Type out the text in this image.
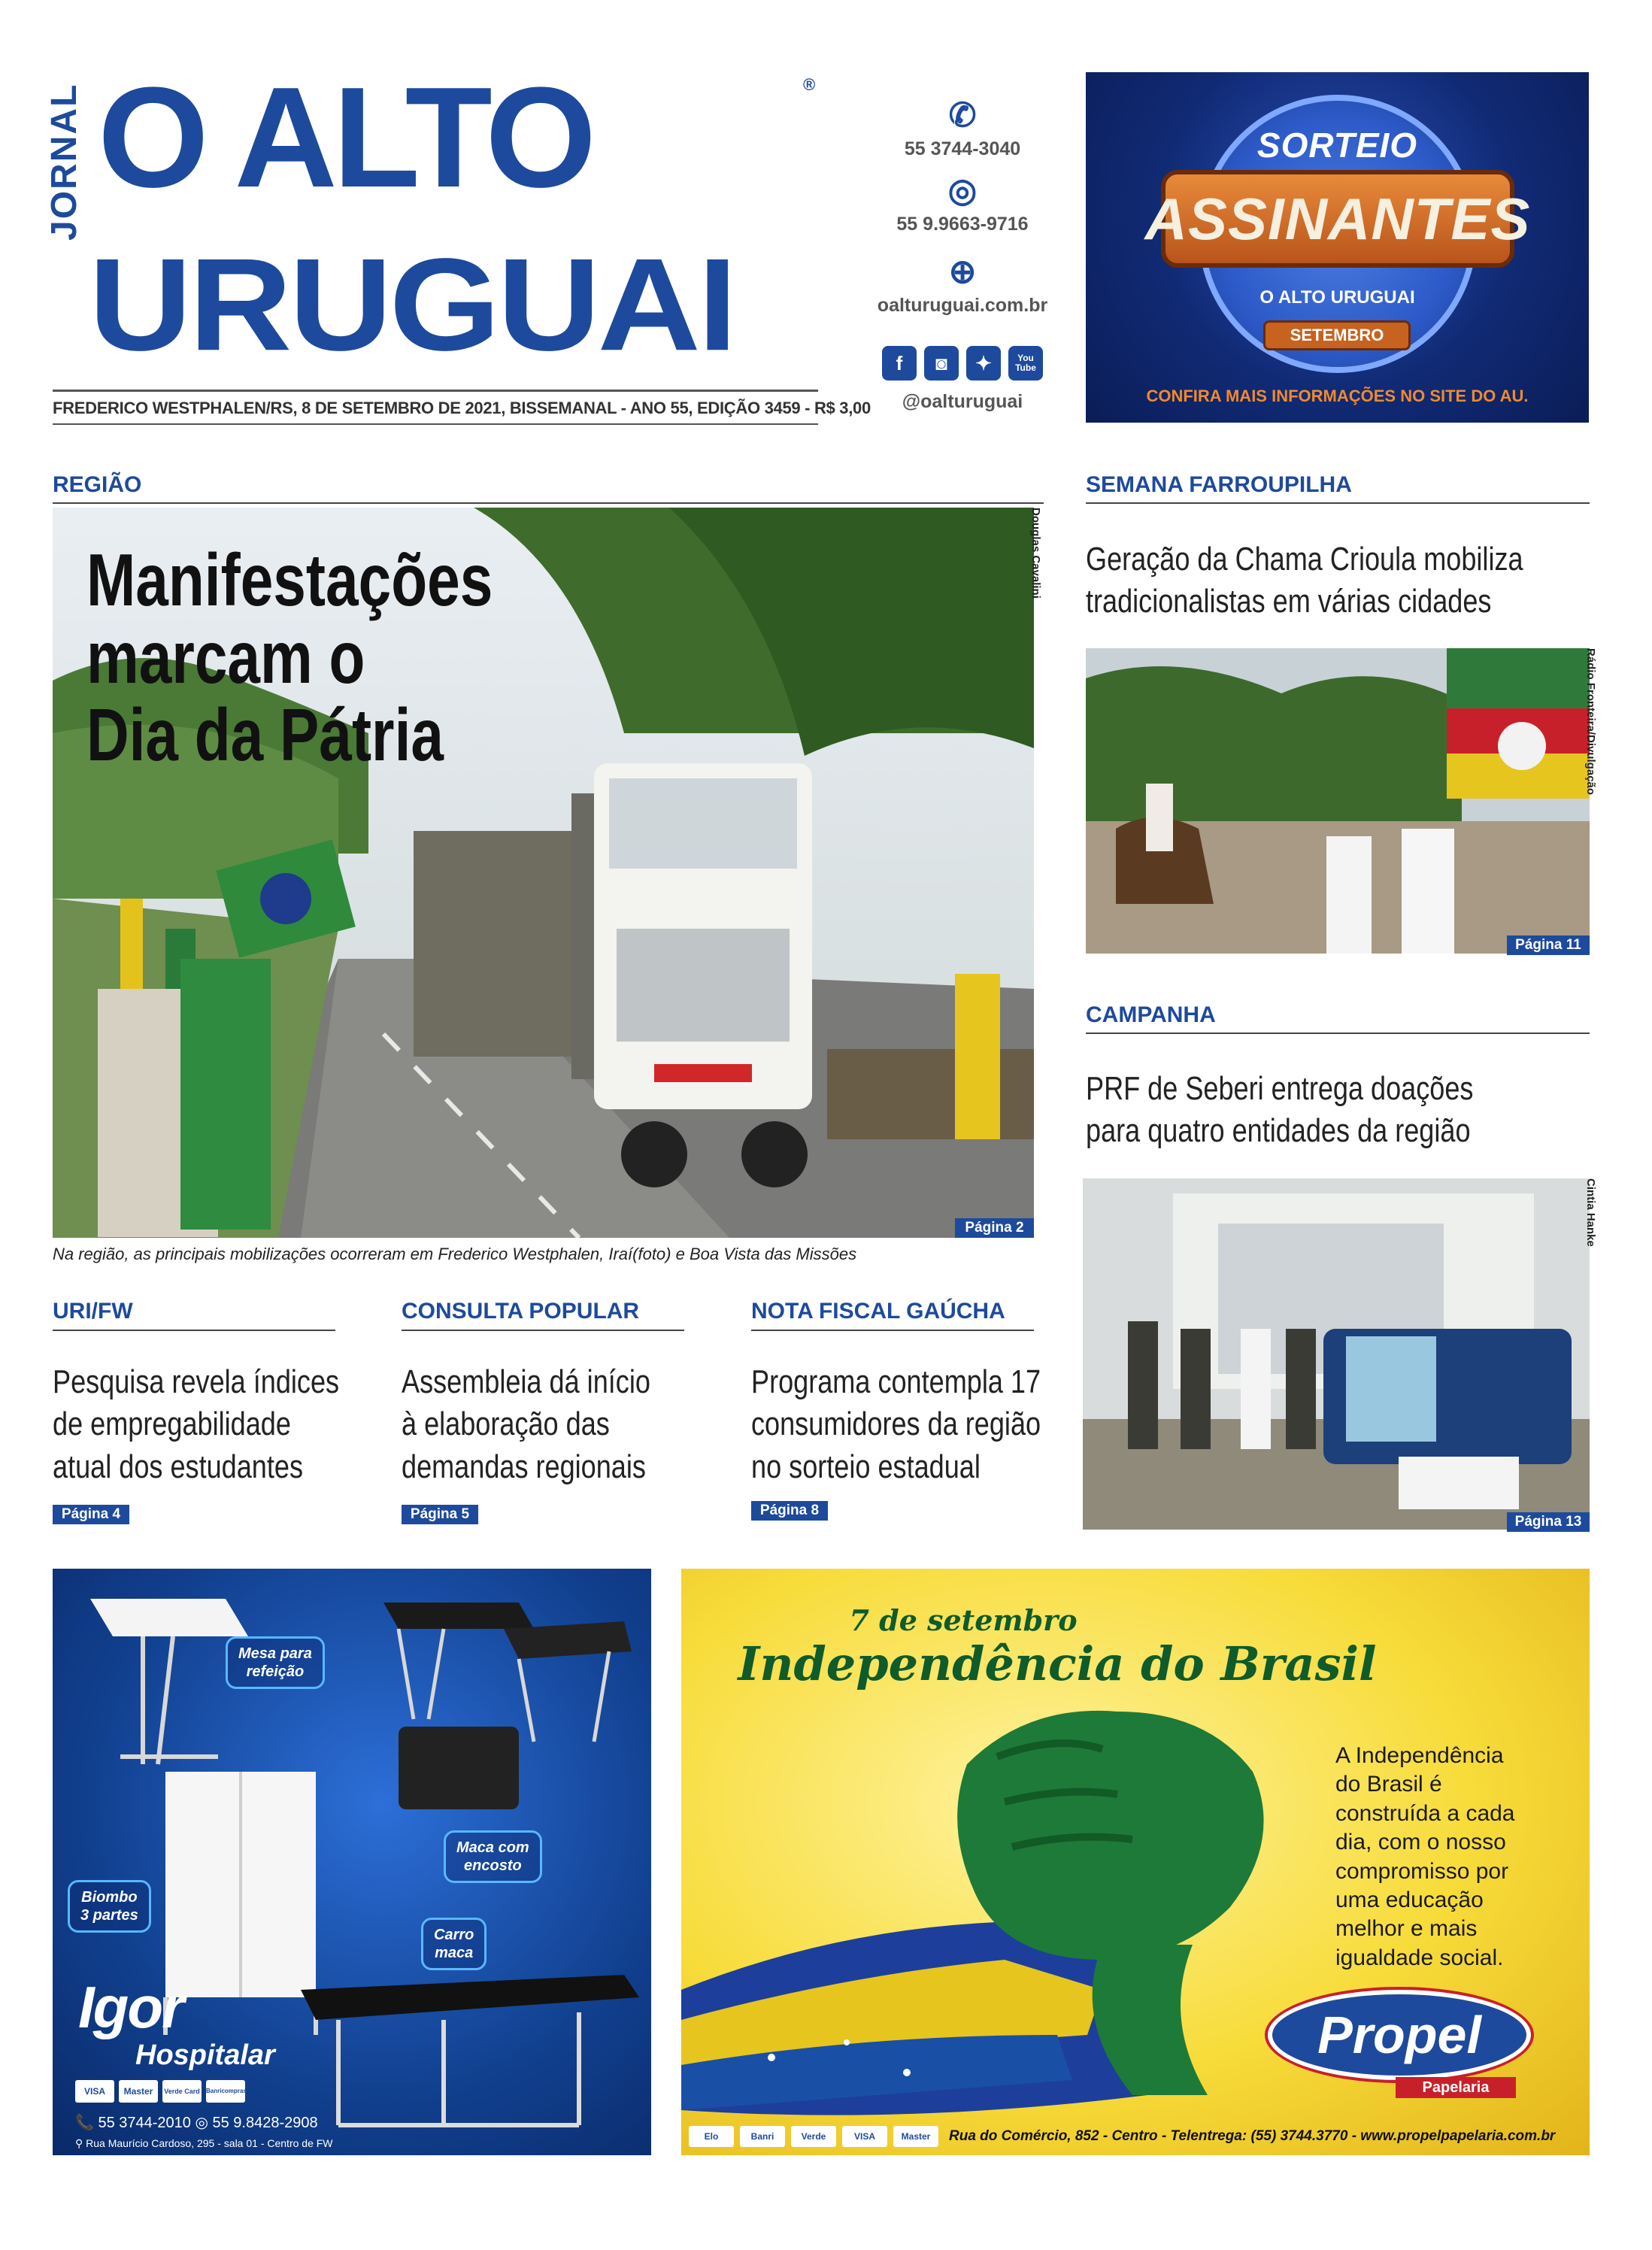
JORNAL O ALTO
URUGUAI
®
FREDERICO WESTPHALEN/RS, 8 DE SETEMBRO DE 2021, BISSEMANAL - ANO 55, EDIÇÃO 3459 - R$ 3,00
✆
55 3744-3040
◎
55 9.9663-9716
⊕
oalturuguai.com.br
f	◙	✦	You Tube
@oalturuguai
SORTEIO
ASSINANTES
O ALTO URUGUAI
SETEMBRO
CONFIRA MAIS INFORMAÇÕES NO SITE DO AU.
REGIÃO
Manifestações
marcam o
Dia da Pátria
Douglas Cavalini
Página 2
Na região, as principais mobilizações ocorreram em Frederico Westphalen, Iraí(foto) e Boa Vista das Missões
SEMANA FARROUPILHA
Geração da Chama Crioula mobiliza
tradicionalistas em várias cidades
Rádio Fronteira/Divulgação
Página 11
CAMPANHA
PRF de Seberi entrega doações
para quatro entidades da região
Cintia Hanke
Página 13
URI/FW
Pesquisa revela índices
de empregabilidade
atual dos estudantes
Página 4
CONSULTA POPULAR
Assembleia dá início
à elaboração das
demandas regionais
Página 5
NOTA FISCAL GAÚCHA
Programa contempla 17
consumidores da região
no sorteio estadual
Página 8
Mesa para
refeição
Maca com
encosto
Biombo
3 partes
Carro
maca
Igor
Hospitalar
VISA	Master	Verde Card Banricompras
📞 55 3744-2010 ◎ 55 9.8428-2908
⚲ Rua Maurício Cardoso, 295 - sala 01 - Centro de FW
7 de setembro
Independência do Brasil
A Independência
do Brasil é
construída a cada
dia, com o nosso
compromisso por
uma educação
melhor e mais
igualdade social.
Propel
Papelaria
Elo	Banri	Verde	VISA	Master	Rua do Comércio, 852 - Centro - Telentrega: (55) 3744.3770 - www.propelpapelaria.com.br
